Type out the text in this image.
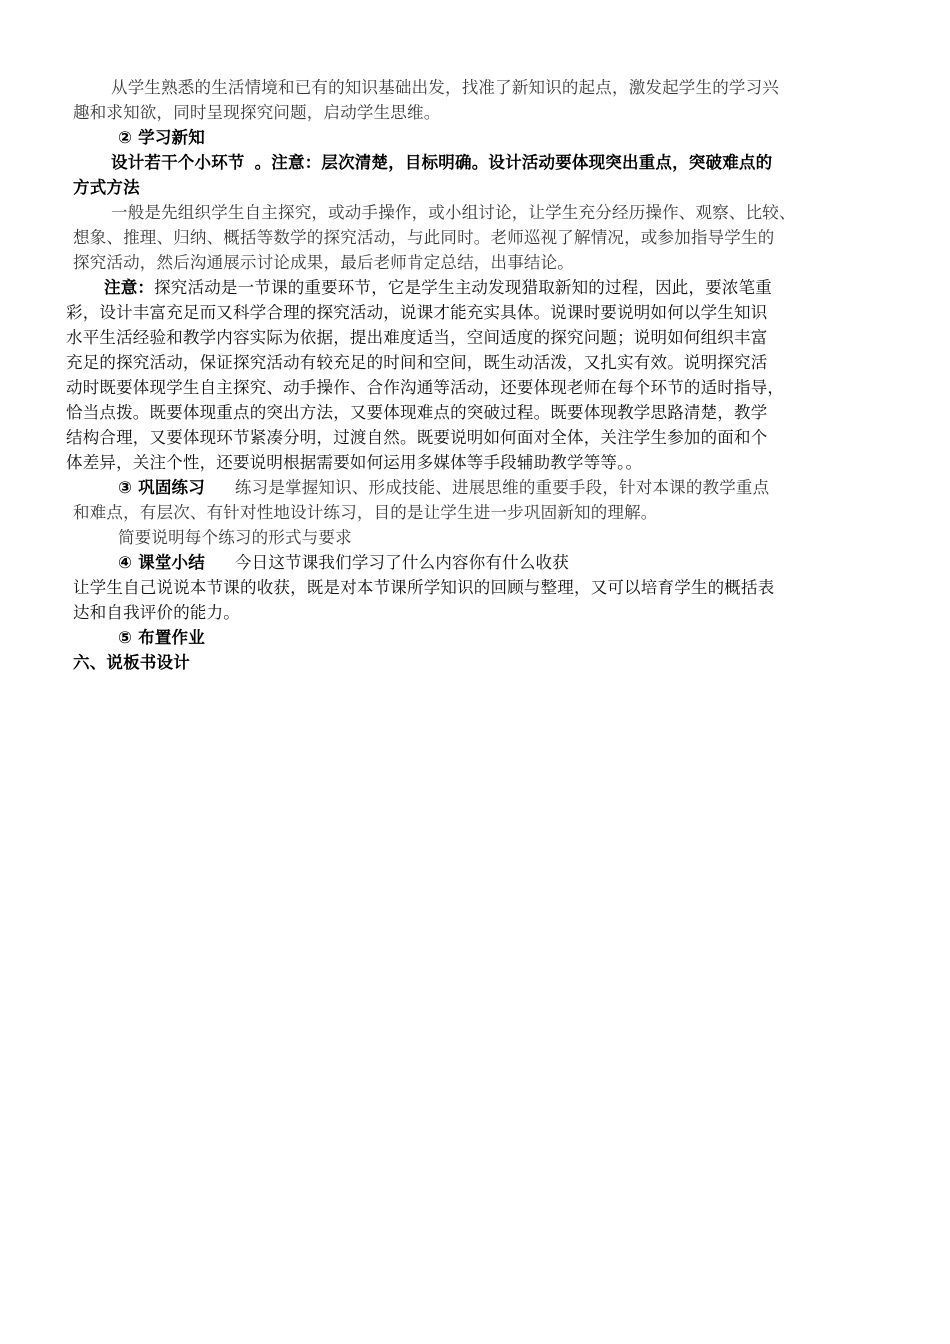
从学生熟悉的生活情境和已有的知识基础出发，找准了新知识的起点，激发起学生的学习兴
趣和求知欲，同时呈现探究问题，启动学生思维。
② 学习新知
设计若干个小环节 。注意：层次清楚，目标明确。设计活动要体现突出重点，突破难点的
方式方法
一般是先组织学生自主探究，或动手操作，或小组讨论，让学生充分经历操作、观察、比较、
想象、推理、归纳、概括等数学的探究活动，与此同时。老师巡视了解情况，或参加指导学生的
探究活动，然后沟通展示讨论成果，最后老师肯定总结，出事结论。
注意：探究活动是一节课的重要环节，它是学生主动发现猎取新知的过程，因此，要浓笔重
彩，设计丰富充足而又科学合理的探究活动，说课才能充实具体。说课时要说明如何以学生知识
水平生活经验和教学内容实际为依据，提出难度适当，空间适度的探究问题；说明如何组织丰富
充足的探究活动，保证探究活动有较充足的时间和空间，既生动活泼，又扎实有效。说明探究活
动时既要体现学生自主探究、动手操作、合作沟通等活动，还要体现老师在每个环节的适时指导，
恰当点拨。既要体现重点的突出方法，又要体现难点的突破过程。既要体现教学思路清楚，教学
结构合理，又要体现环节紧凑分明，过渡自然。既要说明如何面对全体，关注学生参加的面和个
体差异，关注个性，还要说明根据需要如何运用多媒体等手段辅助教学等等。。
③ 巩固练习 练习是掌握知识、形成技能、进展思维的重要手段，针对本课的教学重点
和难点，有层次、有针对性地设计练习，目的是让学生进一步巩固新知的理解。
简要说明每个练习的形式与要求
④ 课堂小结 今日这节课我们学习了什么内容你有什么收获
让学生自己说说本节课的收获，既是对本节课所学知识的回顾与整理，又可以培育学生的概括表
达和自我评价的能力。
⑤ 布置作业
六、说板书设计
